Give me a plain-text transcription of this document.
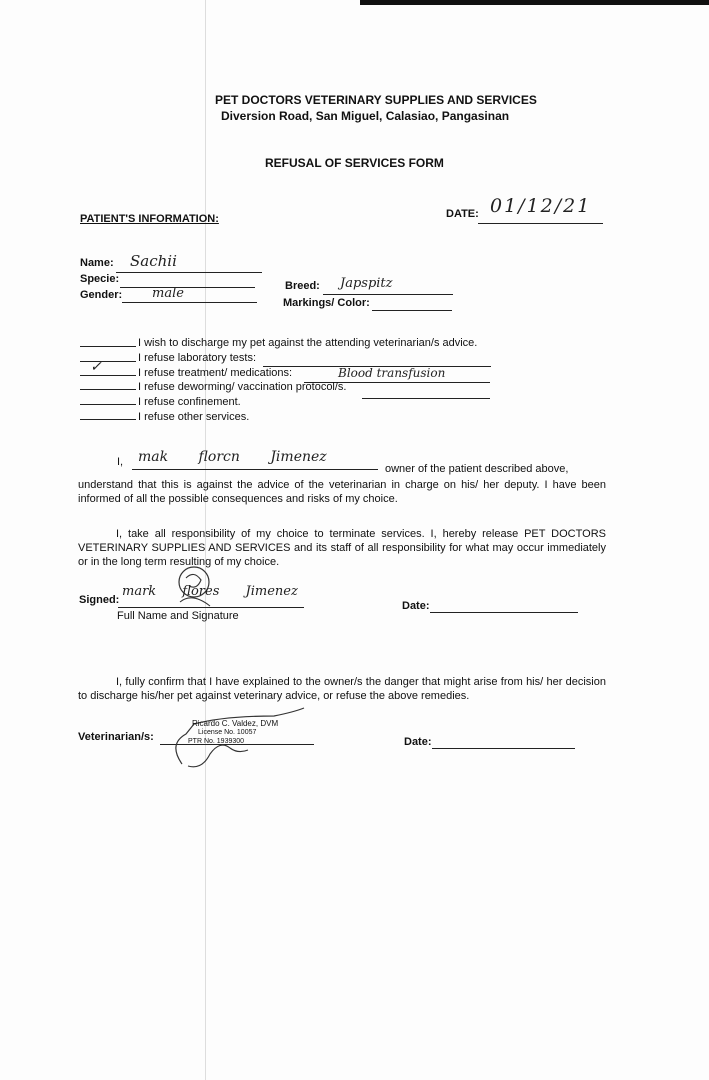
PET DOCTORS VETERINARY SUPPLIES AND SERVICES
Diversion Road, San Miguel, Calasiao, Pangasinan
REFUSAL OF SERVICES FORM
PATIENT'S INFORMATION:	DATE: 01/12/21
Name: Sachii
Specie:
Gender: male	Breed: Japspitz
Markings/ Color:
I wish to discharge my pet against the attending veterinarian/s advice.
I refuse laboratory tests:
✓	I refuse treatment/ medications:	Blood transfusion
I refuse deworming/ vaccination protocol/s.
I refuse confinement.
I refuse other services.
I, mak florcn Jimenez
owner of the patient described above,
understand that this is against the advice of the veterinarian in charge on his/ her deputy. I have been informed of all the possible consequences and risks of my choice.
I, take all responsibility of my choice to terminate services. I, hereby release PET DOCTORS VETERINARY SUPPLIES AND SERVICES and its staff of all responsibility for what may occur immediately or in the long term resulting of my choice.
Signed:
mark flores Jimenez
Full Name and Signature
Date:
I, fully confirm that I have explained to the owner/s the danger that might arise from his/ her decision to discharge his/her pet against veterinary advice, or refuse the above remedies.
Veterinarian/s:
Ricardo C. Valdez, DVM
License No. 10057
PTR No. 1939300	Date:
